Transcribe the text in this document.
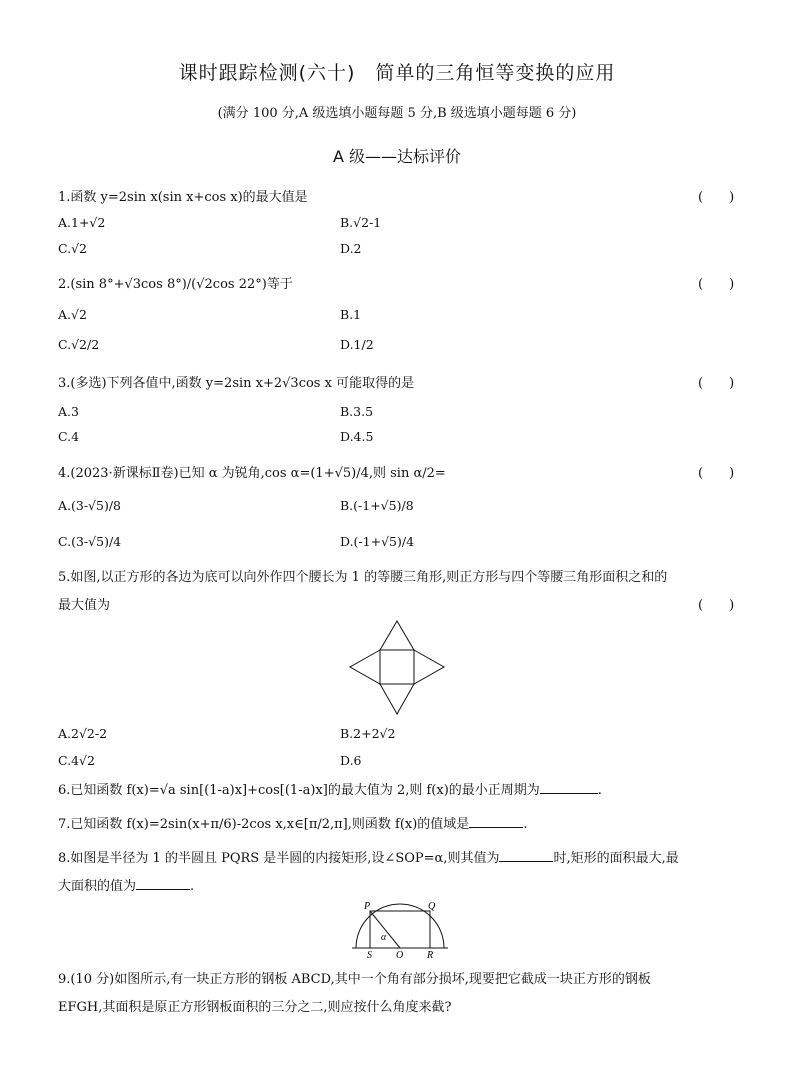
课时跟踪检测(六十)　简单的三角恒等变换的应用
(满分 100 分,A 级选填小题每题 5 分,B 级选填小题每题 6 分)
A 级——达标评价
1.函数 y=2sin x(sin x+cos x)的最大值是	(　　)
A.1+√2	B.√2-1
C.√2	D.2
2.(sin 8°+√3cos 8°)/(√2cos 22°)等于	(　　)
A.√2	B.1
C.√2/2	D.1/2
3.(多选)下列各值中,函数 y=2sin x+2√3cos x 可能取得的是	(　　)
A.3	B.3.5
C.4	D.4.5
4.(2023·新课标Ⅱ卷)已知 α 为锐角,cos α=(1+√5)/4,则 sin α/2=	(　　)
A.(3-√5)/8	B.(-1+√5)/8
C.(3-√5)/4	D.(-1+√5)/4
5.如图,以正方形的各边为底可以向外作四个腰长为 1 的等腰三角形,则正方形与四个等腰三角形面积之和的
最大值为	(　　)
A.2√2-2	B.2+2√2
C.4√2	D.6
6.已知函数 f(x)=√a sin[(1-a)x]+cos[(1-a)x]的最大值为 2,则 f(x)的最小正周期为	.
7.已知函数 f(x)=2sin(x+π/6)-2cos x,x∈[π/2,π],则函数 f(x)的值域是	.
8.如图是半径为 1 的半圆且 PQRS 是半圆的内接矩形,设∠SOP=α,则其值为	时,矩形的面积最大,最
大面积的值为	.
P	Q
S O R
α
9.(10 分)如图所示,有一块正方形的钢板 ABCD,其中一个角有部分损坏,现要把它截成一块正方形的钢板
EFGH,其面积是原正方形钢板面积的三分之二,则应按什么角度来截?
